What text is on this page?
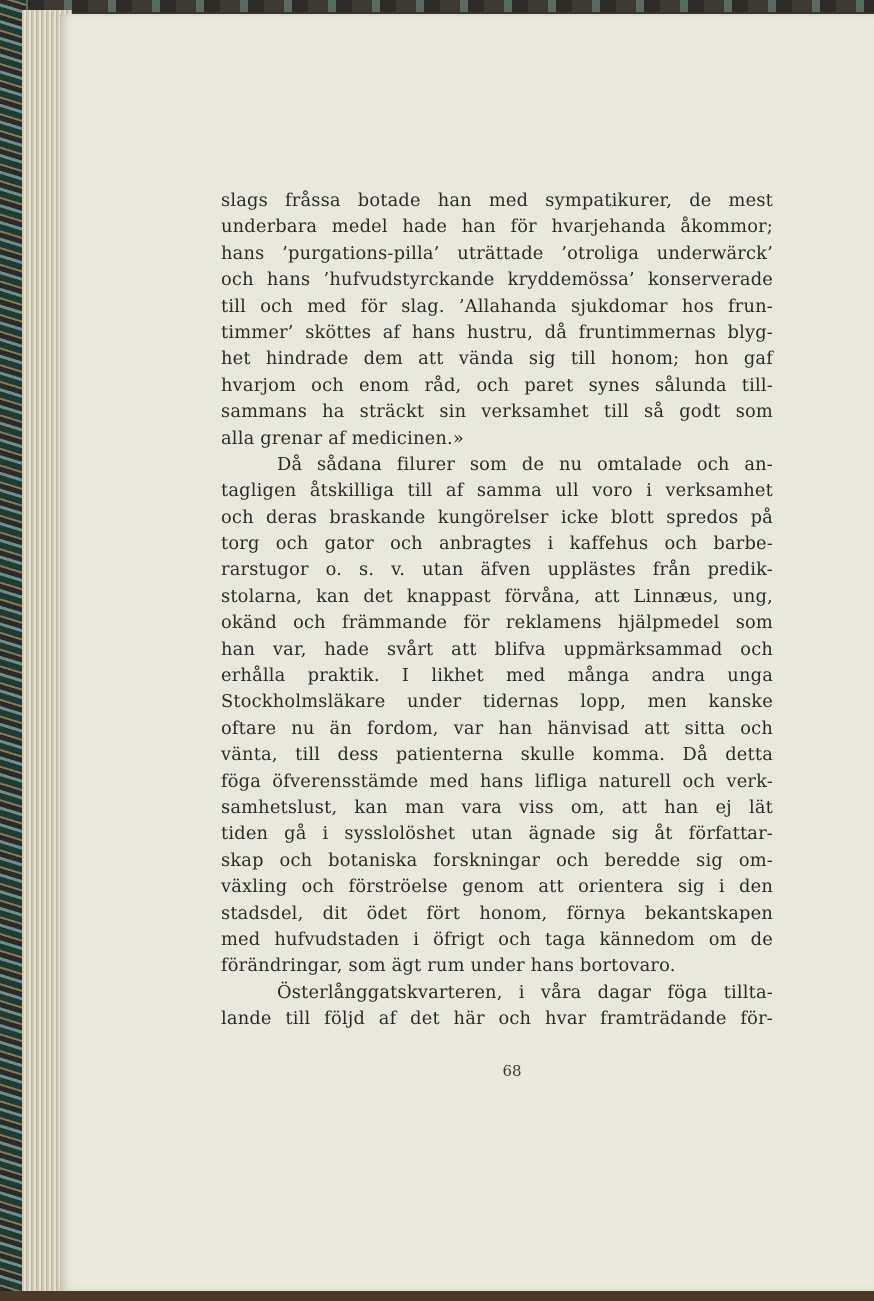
slags fråssa botade han med sympatikurer, de mest
underbara medel hade han för hvarjehanda åkommor;
hans ’purgations-pilla’ uträttade ’otroliga underwärck’
och hans ’hufvudstyrckande kryddemössa’ konserverade
till och med för slag. ’Allahanda sjukdomar hos frun-
timmer’ sköttes af hans hustru, då fruntimmernas blyg-
het hindrade dem att vända sig till honom; hon gaf
hvarjom och enom råd, och paret synes sålunda till-
sammans ha sträckt sin verksamhet till så godt som
alla grenar af medicinen.»
Då sådana filurer som de nu omtalade och an-
tagligen åtskilliga till af samma ull voro i verksamhet
och deras braskande kungörelser icke blott spredos på
torg och gator och anbragtes i kaffehus och barbe-
rarstugor o. s. v. utan äfven upplästes från predik-
stolarna, kan det knappast förvåna, att Linnæus, ung,
okänd och främmande för reklamens hjälpmedel som
han var, hade svårt att blifva uppmärksammad och
erhålla praktik. I likhet med många andra unga
Stockholmsläkare under tidernas lopp, men kanske
oftare nu än fordom, var han hänvisad att sitta och
vänta, till dess patienterna skulle komma. Då detta
föga öfverensstämde med hans lifliga naturell och verk-
samhetslust, kan man vara viss om, att han ej lät
tiden gå i sysslolöshet utan ägnade sig åt författar-
skap och botaniska forskningar och beredde sig om-
växling och förströelse genom att orientera sig i den
stadsdel, dit ödet fört honom, förnya bekantskapen
med hufvudstaden i öfrigt och taga kännedom om de
förändringar, som ägt rum under hans bortovaro.
Österlånggatskvarteren, i våra dagar föga tillta-
lande till följd af det här och hvar framträdande för-
68
